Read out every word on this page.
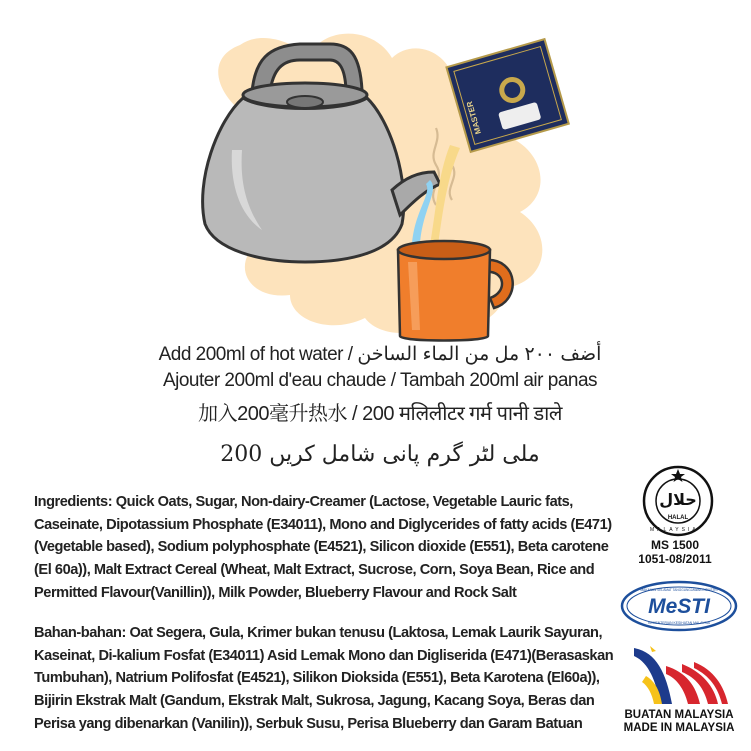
MASTER
Add 200ml of hot water / أضف ٢٠٠ مل من الماء الساخن
Ajouter 200ml d'eau chaude / Tambah 200ml air panas
加入200毫升热水 / 200 मलिलीटर गर्म पानी डाले
ملی لٹر گرم پانی شامل کریں 200
Ingredients: Quick Oats, Sugar, Non-dairy-Creamer (Lactose, Vegetable Lauric fats, Caseinate, Dipotassium Phosphate (E34011), Mono and Diglycerides of fatty acids (E471)(Vegetable based), Sodium polyphosphate (E4521), Silicon dioxide (E551), Beta carotene (El 60a)), Malt Extract Cereal (Wheat, Malt Extract, Sucrose, Corn, Soya Bean, Rice and Permitted Flavour(Vanillin)), Milk Powder, Blueberry Flavour and Rock Salt
Bahan-bahan: Oat Segera, Gula, Krimer bukan tenusu (Laktosa, Lemak Laurik Sayuran, Kaseinat, Di-kalium Fosfat (E34011) Asid Lemak Mono dan Digliserida (E471)(Berasaskan Tumbuhan), Natrium Polifosfat (E4521), Silikon Dioksida (E551), Beta Karotena (El60a)), Bijirin Ekstrak Malt (Gandum, Ekstrak Malt, Sukrosa, Jagung, Kacang Soya, Beras dan Perisa yang dibenarkan (Vanilin)), Serbuk Susu, Perisa Blueberry dan Garam Batuan
حلال
HALAL
MALAYSIA
MS 1500
1051-08/2011
MeSTI
MAKANAN SELAMAT TANGGUNGJAWAB INDUSTRI
KEMENTERIAN KESIHATAN MALAYSIA
BUATAN MALAYSIA
MADE IN MALAYSIA
